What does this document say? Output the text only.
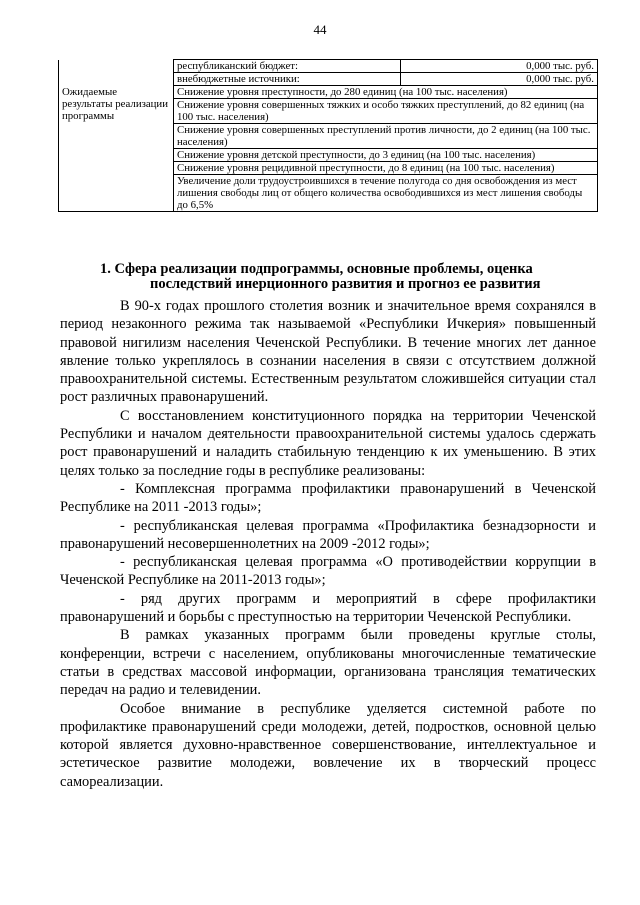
44
	республиканский бюджет:	0,000 тыс. руб.
	внебюджетные источники:	0,000 тыс. руб.
Ожидаемые результаты реализации программы	Снижение уровня преступности, до 280 единиц (на 100 тыс. населения)	
	Снижение уровня совершенных тяжких и особо тяжких преступлений, до 82 единиц (на 100 тыс. населения)	
	Снижение уровня совершенных преступлений против личности, до 2 единиц (на 100 тыс. населения)	
	Снижение уровня детской преступности, до 3 единиц (на 100 тыс. населения)	
	Снижение уровня рецидивной преступности, до 8 единиц (на 100 тыс. населения)	
	Увеличение доли трудоустроившихся в течение полугода со дня освобождения из мест лишения свободы лиц от общего количества освободившихся из мест лишения свободы до 6,5%	
1. Сфера реализации подпрограммы, основные проблемы, оценка
последствий инерционного развития и прогноз ее развития

В 90-х годах прошлого столетия возник и значительное время сохранялся в период незаконного режима так называемой «Республики Ичкерия» повышенный правовой нигилизм населения Чеченской Республики. В течение многих лет данное явление только укреплялось в сознании населения в связи с отсутствием должной правоохранительной системы. Естественным результатом сложившейся ситуации стал рост различных правонарушений.

С восстановлением конституционного порядка на территории Чеченской Республики и началом деятельности правоохранительной системы удалось сдержать рост правонарушений и наладить стабильную тенденцию к их уменьшению. В этих целях только за последние годы в республике реализованы:

- Комплексная программа профилактики правонарушений в Чеченской Республике на 2011 -2013 годы»;

- республиканская целевая программа «Профилактика безнадзорности и правонарушений несовершеннолетних на 2009 -2012 годы»;

- республиканская целевая программа «О противодействии коррупции в Чеченской Республике на 2011-2013 годы»;

- ряд других программ и мероприятий в сфере профилактики правонарушений и борьбы с преступностью на территории Чеченской Республики.

В рамках указанных программ были проведены круглые столы, конференции, встречи с населением, опубликованы многочисленные тематические статьи в средствах массовой информации, организована трансляция тематических передач на радио и телевидении.

Особое внимание в республике уделяется системной работе по профилактике правонарушений среди молодежи, детей, подростков, основной целью которой является духовно-нравственное совершенствование, интеллектуальное и эстетическое развитие молодежи, вовлечение их в творческий процесс самореализации.
